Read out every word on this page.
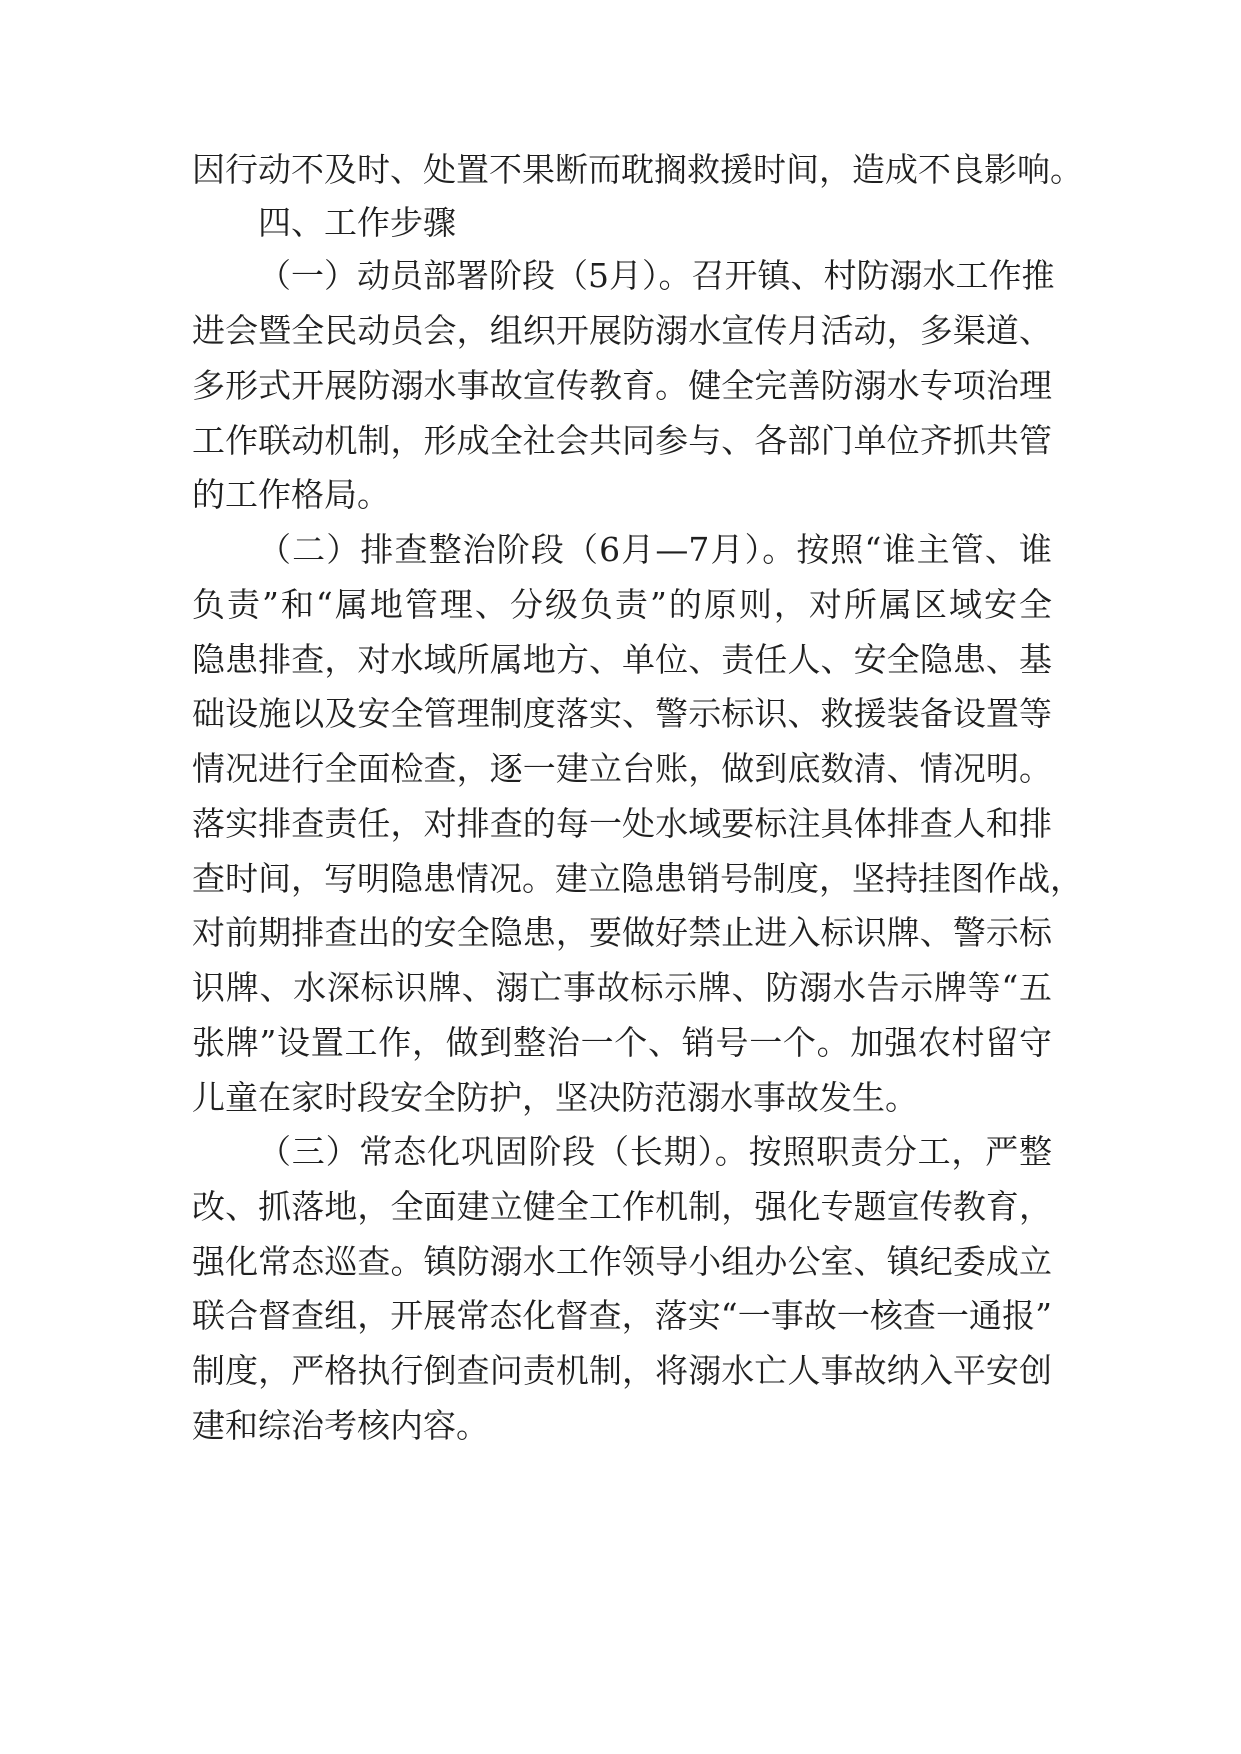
因行动不及时、处置不果断而耽搁救援时间，造成不良影响。
四、工作步骤
（一）动员部署阶段（5月）。召开镇、村防溺水工作推
进会暨全民动员会，组织开展防溺水宣传月活动，多渠道、
多形式开展防溺水事故宣传教育。健全完善防溺水专项治理
工作联动机制，形成全社会共同参与、各部门单位齐抓共管
的工作格局。
（二）排查整治阶段（6月—7月）。按照“谁主管、谁
负责”和“属地管理、分级负责”的原则，对所属区域安全
隐患排查，对水域所属地方、单位、责任人、安全隐患、基
础设施以及安全管理制度落实、警示标识、救援装备设置等
情况进行全面检查，逐一建立台账，做到底数清、情况明。
落实排查责任，对排查的每一处水域要标注具体排查人和排
查时间，写明隐患情况。建立隐患销号制度，坚持挂图作战，
对前期排查出的安全隐患，要做好禁止进入标识牌、警示标
识牌、水深标识牌、溺亡事故标示牌、防溺水告示牌等“五
张牌”设置工作，做到整治一个、销号一个。加强农村留守
儿童在家时段安全防护，坚决防范溺水事故发生。
（三）常态化巩固阶段（长期）。按照职责分工，严整
改、抓落地，全面建立健全工作机制，强化专题宣传教育，
强化常态巡查。镇防溺水工作领导小组办公室、镇纪委成立
联合督查组，开展常态化督查，落实“一事故一核查一通报”
制度，严格执行倒查问责机制，将溺水亡人事故纳入平安创
建和综治考核内容。
